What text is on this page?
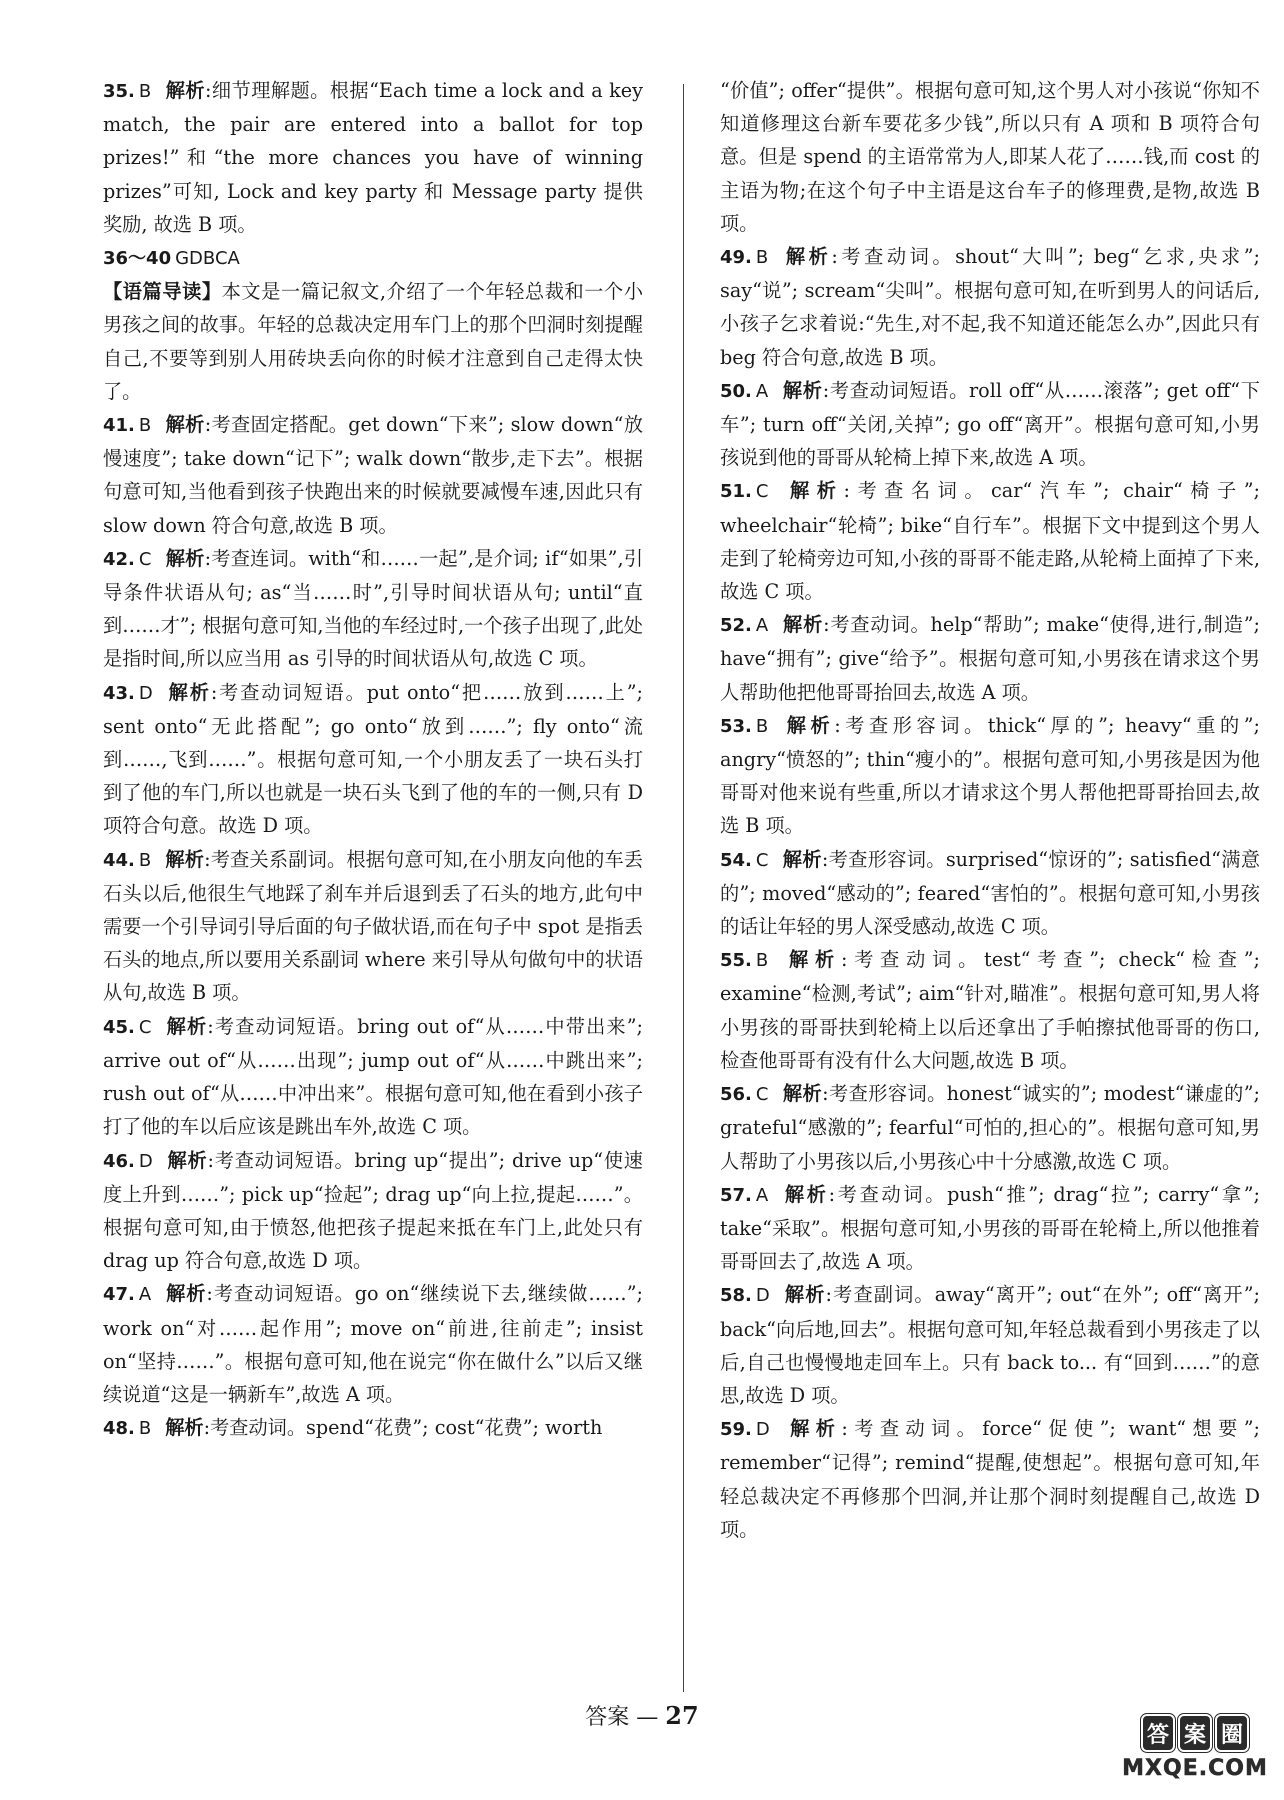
35. B 解析:细节理解题。根据“Each time a lock and a key match, the pair are entered into a ballot for top prizes!”和“the more chances you have of winning prizes”可知, Lock and key party 和 Message party 提供奖励, 故选 B 项。

36～40 GDBCA

【语篇导读】本文是一篇记叙文,介绍了一个年轻总裁和一个小男孩之间的故事。年轻的总裁决定用车门上的那个凹洞时刻提醒自己,不要等到别人用砖块丢向你的时候才注意到自己走得太快了。

41. B 解析:考查固定搭配。get down“下来”; slow down“放慢速度”; take down“记下”; walk down“散步,走下去”。根据句意可知,当他看到孩子快跑出来的时候就要减慢车速,因此只有 slow down 符合句意,故选 B 项。

42. C 解析:考查连词。with“和……一起”,是介词; if“如果”,引导条件状语从句; as“当……时”,引导时间状语从句; until“直到……才”; 根据句意可知,当他的车经过时,一个孩子出现了,此处是指时间,所以应当用 as 引导的时间状语从句,故选 C 项。

43. D 解析:考查动词短语。put onto“把……放到……上”; sent onto“无此搭配”; go onto“放到……”; fly onto“流到……,飞到……”。根据句意可知,一个小朋友丢了一块石头打到了他的车门,所以也就是一块石头飞到了他的车的一侧,只有 D 项符合句意。故选 D 项。

44. B 解析:考查关系副词。根据句意可知,在小朋友向他的车丢石头以后,他很生气地踩了刹车并后退到丢了石头的地方,此句中需要一个引导词引导后面的句子做状语,而在句子中 spot 是指丢石头的地点,所以要用关系副词 where 来引导从句做句中的状语从句,故选 B 项。

45. C 解析:考查动词短语。bring out of“从……中带出来”; arrive out of“从……出现”; jump out of“从……中跳出来”; rush out of“从……中冲出来”。根据句意可知,他在看到小孩子打了他的车以后应该是跳出车外,故选 C 项。

46. D 解析:考查动词短语。bring up“提出”; drive up“使速度上升到……”; pick up“捡起”; drag up“向上拉,提起……”。根据句意可知,由于愤怒,他把孩子提起来抵在车门上,此处只有 drag up 符合句意,故选 D 项。

47. A 解析:考查动词短语。go on“继续说下去,继续做……”; work on“对……起作用”; move on“前进,往前走”; insist on“坚持……”。根据句意可知,他在说完“你在做什么”以后又继续说道“这是一辆新车”,故选 A 项。

48. B 解析:考查动词。spend“花费”; cost“花费”; worth

“价值”; offer“提供”。根据句意可知,这个男人对小孩说“你知不知道修理这台新车要花多少钱”,所以只有 A 项和 B 项符合句意。但是 spend 的主语常常为人,即某人花了……钱,而 cost 的主语为物;在这个句子中主语是这台车子的修理费,是物,故选 B 项。

49. B 解析:考查动词。shout“大叫”; beg“乞求,央求”; say“说”; scream“尖叫”。根据句意可知,在听到男人的问话后,小孩子乞求着说:“先生,对不起,我不知道还能怎么办”,因此只有 beg 符合句意,故选 B 项。

50. A 解析:考查动词短语。roll off“从……滚落”; get off“下车”; turn off“关闭,关掉”; go off“离开”。根据句意可知,小男孩说到他的哥哥从轮椅上掉下来,故选 A 项。

51. C 解析:考查名词。car“汽车”; chair“椅子”; wheelchair“轮椅”; bike“自行车”。根据下文中提到这个男人走到了轮椅旁边可知,小孩的哥哥不能走路,从轮椅上面掉了下来,故选 C 项。

52. A 解析:考查动词。help“帮助”; make“使得,进行,制造”; have“拥有”; give“给予”。根据句意可知,小男孩在请求这个男人帮助他把他哥哥抬回去,故选 A 项。

53. B 解析:考查形容词。thick“厚的”; heavy“重的”; angry“愤怒的”; thin“瘦小的”。根据句意可知,小男孩是因为他哥哥对他来说有些重,所以才请求这个男人帮他把哥哥抬回去,故选 B 项。

54. C 解析:考查形容词。surprised“惊讶的”; satisfied“满意的”; moved“感动的”; feared“害怕的”。根据句意可知,小男孩的话让年轻的男人深受感动,故选 C 项。

55. B 解析:考查动词。test“考查”; check“检查”; examine“检测,考试”; aim“针对,瞄准”。根据句意可知,男人将小男孩的哥哥扶到轮椅上以后还拿出了手帕擦拭他哥哥的伤口,检查他哥哥有没有什么大问题,故选 B 项。

56. C 解析:考查形容词。honest“诚实的”; modest“谦虚的”; grateful“感激的”; fearful“可怕的,担心的”。根据句意可知,男人帮助了小男孩以后,小男孩心中十分感激,故选 C 项。

57. A 解析:考查动词。push“推”; drag“拉”; carry“拿”; take“采取”。根据句意可知,小男孩的哥哥在轮椅上,所以他推着哥哥回去了,故选 A 项。

58. D 解析:考查副词。away“离开”; out“在外”; off“离开”; back“向后地,回去”。根据句意可知,年轻总裁看到小男孩走了以后,自己也慢慢地走回车上。只有 back to... 有“回到……”的意思,故选 D 项。

59. D 解析:考查动词。force“促使”; want“想要”; remember“记得”; remind“提醒,使想起”。根据句意可知,年轻总裁决定不再修那个凹洞,并让那个洞时刻提醒自己,故选 D 项。

答案 — 27
答 案 圈
MXQE.COM
